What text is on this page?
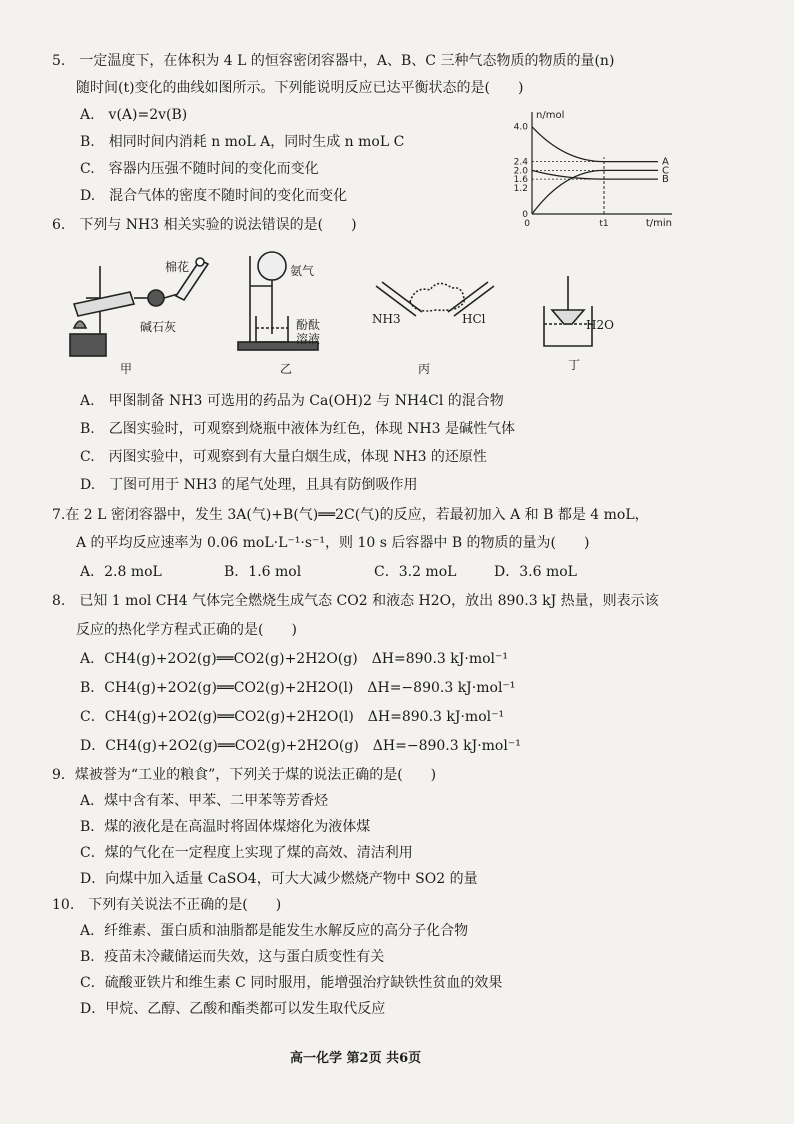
5.　一定温度下，在体积为 4 L 的恒容密闭容器中，A、B、C 三种气态物质的物质的量(n)
随时间(t)变化的曲线如图所示。下列能说明反应已达平衡状态的是(　　)
A.　v(A)=2v(B)
B.　相同时间内消耗 n moL A，同时生成 n moL C
C.　容器内压强不随时间的变化而变化
D.　混合气体的密度不随时间的变化而变化
n/mol
t/min
0
1.2
1.6
2.0
2.4
4.0
0	t1
A
C
B
6.　下列与 NH3 相关实验的说法错误的是(　　)
棉花
碱石灰
氨气
酚酞
溶液
NH3	HCl	H2O
甲	乙	丙	丁
A.　甲图制备 NH3 可选用的药品为 Ca(OH)2 与 NH4Cl 的混合物
B.　乙图实验时，可观察到烧瓶中液体为红色，体现 NH3 是碱性气体
C.　丙图实验中，可观察到有大量白烟生成，体现 NH3 的还原性
D.　丁图可用于 NH3 的尾气处理，且具有防倒吸作用
7.在 2 L 密闭容器中，发生 3A(气)+B(气)══2C(气)的反应，若最初加入 A 和 B 都是 4 moL，
A 的平均反应速率为 0.06 moL·L⁻¹·s⁻¹，则 10 s 后容器中 B 的物质的量为(　　)
A．2.8 moL	B．1.6 mol	C．3.2 moL	D．3.6 moL
8.　已知 1 mol CH4 气体完全燃烧生成气态 CO2 和液态 H2O，放出 890.3 kJ 热量，则表示该
反应的热化学方程式正确的是(　　)
A．CH4(g)+2O2(g)══CO2(g)+2H2O(g)　ΔH=890.3 kJ·mol⁻¹
B．CH4(g)+2O2(g)══CO2(g)+2H2O(l)　ΔH=−890.3 kJ·mol⁻¹
C．CH4(g)+2O2(g)══CO2(g)+2H2O(l)　ΔH=890.3 kJ·mol⁻¹
D．CH4(g)+2O2(g)══CO2(g)+2H2O(g)　ΔH=−890.3 kJ·mol⁻¹
9．煤被誉为“工业的粮食”，下列关于煤的说法正确的是(　　)
A．煤中含有苯、甲苯、二甲苯等芳香烃
B．煤的液化是在高温时将固体煤熔化为液体煤
C．煤的气化在一定程度上实现了煤的高效、清洁利用
D．向煤中加入适量 CaSO4，可大大减少燃烧产物中 SO2 的量
10.　下列有关说法不正确的是(　　)
A．纤维素、蛋白质和油脂都是能发生水解反应的高分子化合物
B．疫苗未冷藏储运而失效，这与蛋白质变性有关
C．硫酸亚铁片和维生素 C 同时服用，能增强治疗缺铁性贫血的效果
D．甲烷、乙醇、乙酸和酯类都可以发生取代反应
高一化学 第2页 共6页
